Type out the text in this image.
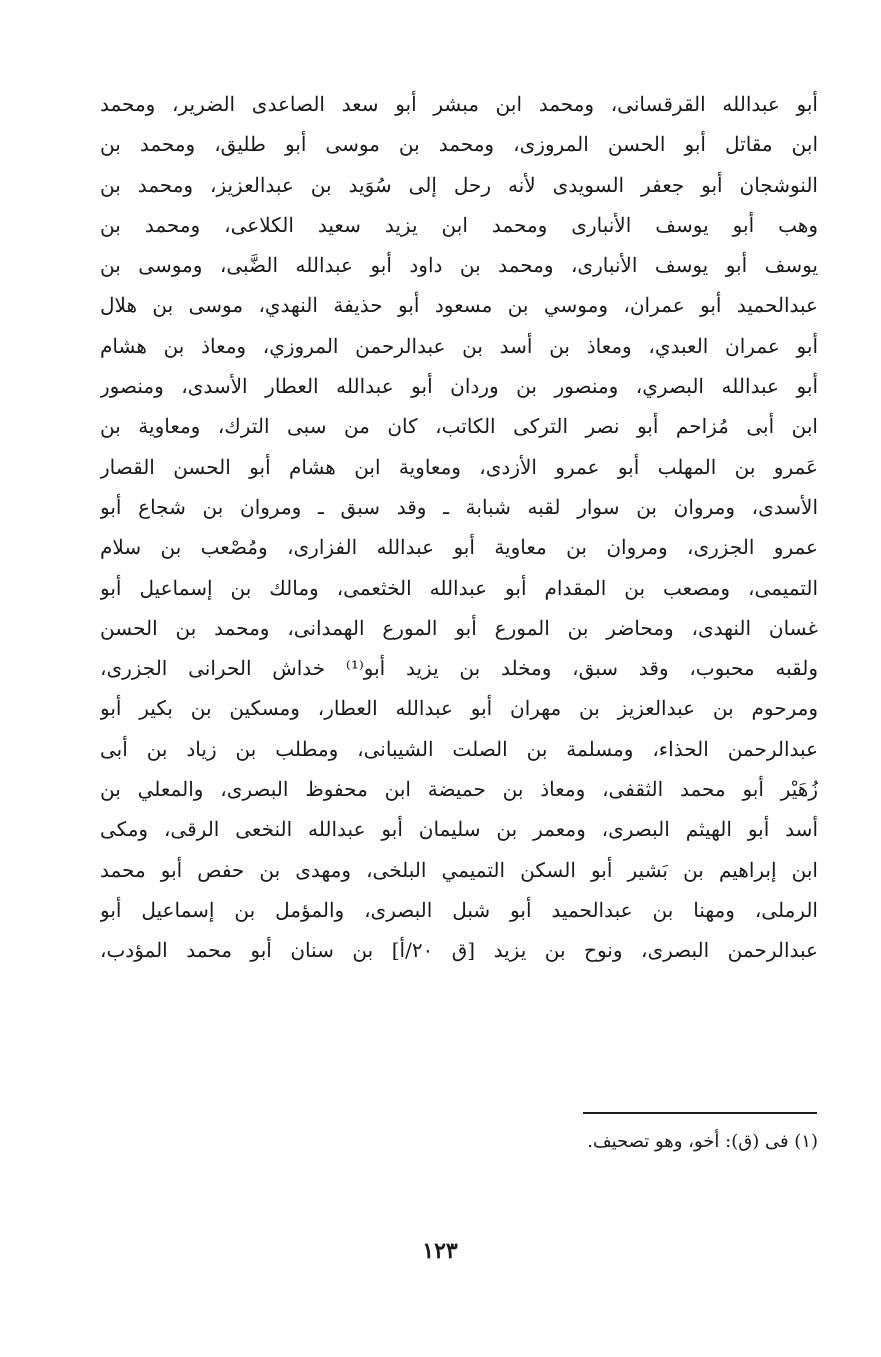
أبو عبدالله القرقسانى، ومحمد ابن مبشر أبو سعد الصاعدى الضرير، ومحمد
ابن مقاتل أبو الحسن المروزى، ومحمد بن موسى أبو طليق، ومحمد بن
النوشجان أبو جعفر السويدى لأنه رحل إلى سُوَيد بن عبدالعزيز، ومحمد بن
وهب أبو يوسف الأنبارى ومحمد ابن يزيد سعيد الكلاعى، ومحمد بن
يوسف أبو يوسف الأنبارى، ومحمد بن داود أبو عبدالله الضَّبى، وموسى بن
عبدالحميد أبو عمران، وموسي بن مسعود أبو حذيفة النهدي، موسى بن هلال
أبو عمران العبدي، ومعاذ بن أسد بن عبدالرحمن المروزي، ومعاذ بن هشام
أبو عبدالله البصري، ومنصور بن وردان أبو عبدالله العطار الأسدى، ومنصور
ابن أبى مُزاحم أبو نصر التركى الكاتب، كان من سبى الترك، ومعاوية بن
عَمرو بن المهلب أبو عمرو الأزدى، ومعاوية ابن هشام أبو الحسن القصار
الأسدى، ومروان بن سوار لقبه شبابة ـ وقد سبق ـ ومروان بن شجاع أبو
عمرو الجزرى، ومروان بن معاوية أبو عبدالله الفزارى، ومُصْعب بن سلام
التميمى، ومصعب بن المقدام أبو عبدالله الخثعمى، ومالك بن إسماعيل أبو
غسان النهدى، ومحاضر بن المورع أبو المورع الهمدانى، ومحمد بن الحسن
ولقبه محبوب، وقد سبق، ومخلد بن يزيد أبو⁽¹⁾ خداش الحرانى الجزرى،
ومرحوم بن عبدالعزيز بن مهران أبو عبدالله العطار، ومسكين بن بكير أبو
عبدالرحمن الحذاء، ومسلمة بن الصلت الشيبانى، ومطلب بن زياد بن أبى
زُهَيْر أبو محمد الثقفى، ومعاذ بن حميضة ابن محفوظ البصرى، والمعلي بن
أسد أبو الهيثم البصرى، ومعمر بن سليمان أبو عبدالله النخعى الرقى، ومكى
ابن إبراهيم بن بَشير أبو السكن التميمي البلخى، ومهدى بن حفص أبو محمد
الرملى، ومهنا بن عبدالحميد أبو شبل البصرى، والمؤمل بن إسماعيل أبو
عبدالرحمن البصرى، ونوح بن يزيد [ق ٢٠/أ] بن سنان أبو محمد المؤدب،
(١) فى (ق): أخو، وهو تصحيف.
١٢٣
